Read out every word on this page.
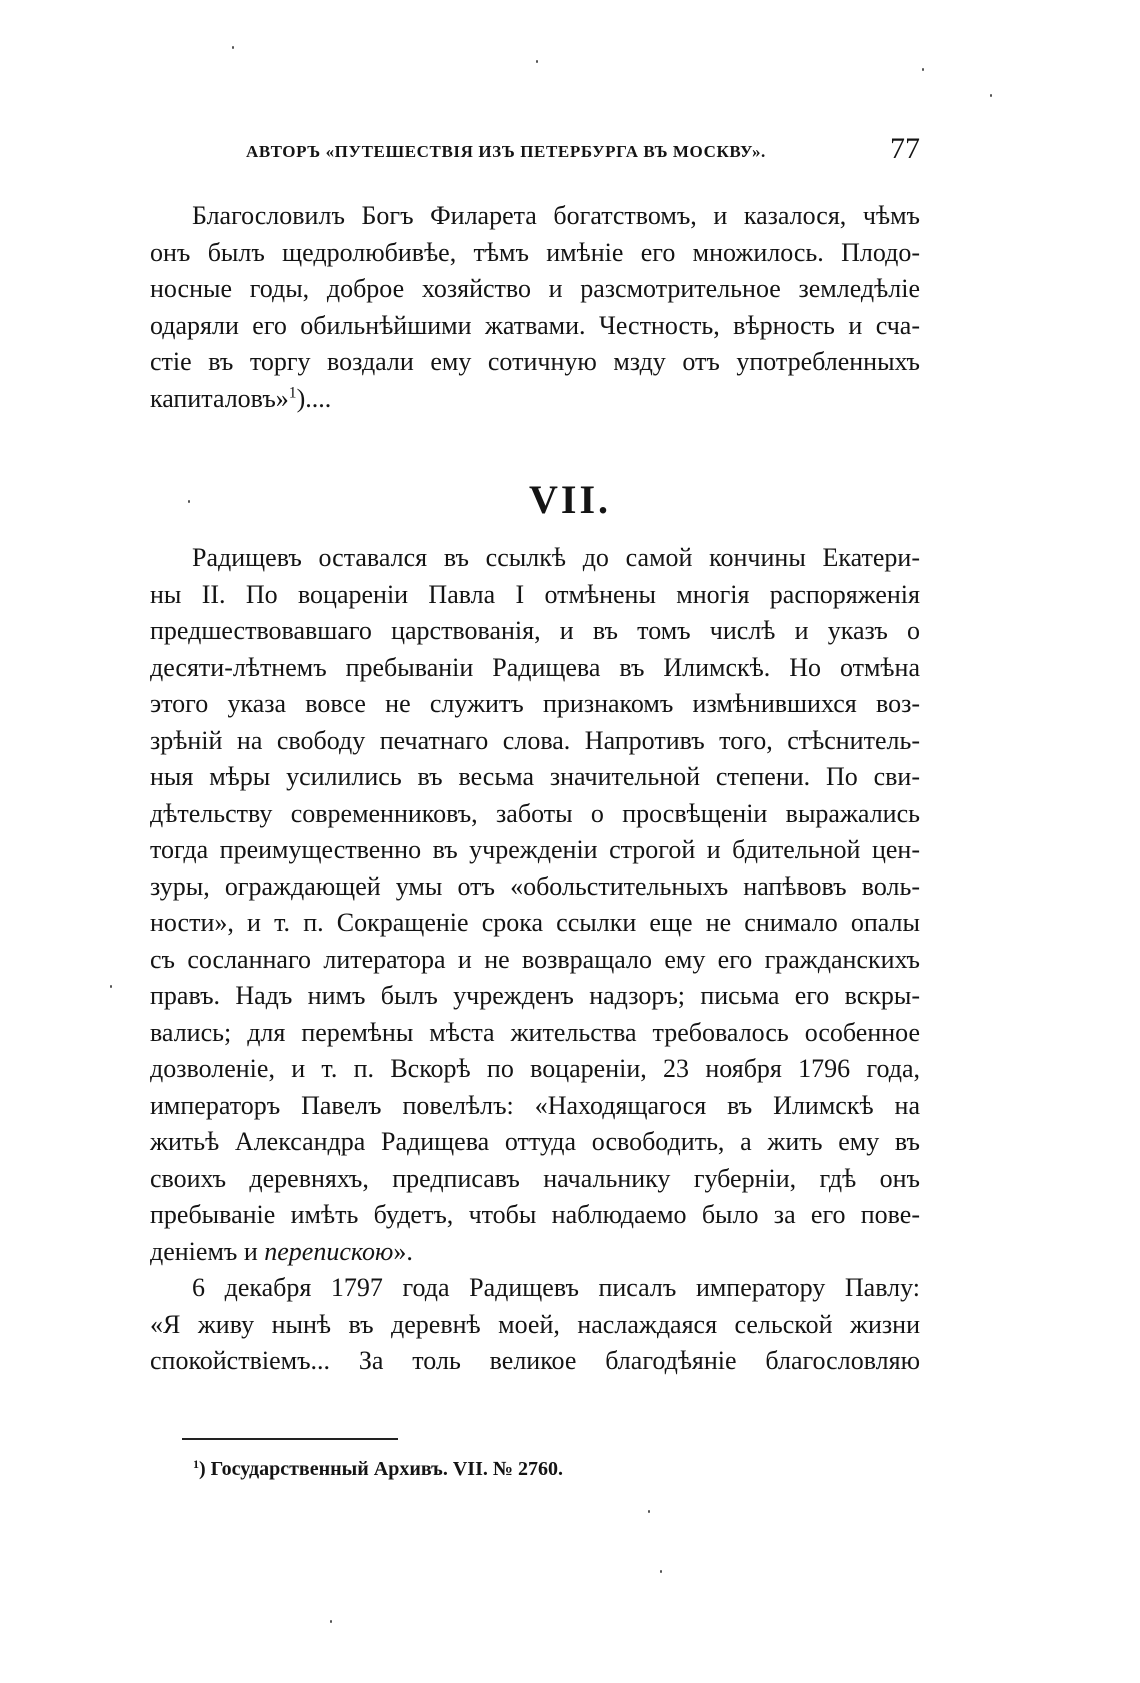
АВТОРЪ «ПУТЕШЕСТВІЯ ИЗЪ ПЕТЕРБУРГА ВЪ МОСКВУ».	77
Благословилъ Богъ Филарета богатствомъ, и казалося, чѣмъ
онъ былъ щедролюбивѣе, тѣмъ имѣніе его множилось. Плодо-
носные годы, доброе хозяйство и разсмотрительное земледѣліе
одаряли его обильнѣйшими жатвами. Честность, вѣрность и сча-
стіе въ торгу воздали ему сотичную мзду отъ употребленныхъ
капиталовъ»$^1$)....
VII.
Радищевъ оставался въ ссылкѣ до самой кончины Екатери-
ны II. По воцареніи Павла I отмѣнены многія распоряженія
предшествовавшаго царствованія, и въ томъ числѣ и указъ о
десяти-лѣтнемъ пребываніи Радищева въ Илимскѣ. Но отмѣна
этого указа вовсе не служитъ признакомъ измѣнившихся воз-
зрѣній на свободу печатнаго слова. Напротивъ того, стѣснитель-
ныя мѣры усилились въ весьма значительной степени. По сви-
дѣтельству современниковъ, заботы о просвѣщеніи выражались
тогда преимущественно въ учрежденіи строгой и бдительной цен-
зуры, ограждающей умы отъ «обольстительныхъ напѣвовъ воль-
ности», и т. п. Сокращеніе срока ссылки еще не снимало опалы
съ сосланнаго литератора и не возвращало ему его гражданскихъ
правъ. Надъ нимъ былъ учрежденъ надзоръ; письма его вскры-
вались; для перемѣны мѣста жительства требовалось особенное
дозволеніе, и т. п. Вскорѣ по воцареніи, 23 ноября 1796 года,
императоръ Павелъ повелѣлъ: «Находящагося въ Илимскѣ на
житьѣ Александра Радищева оттуда освободить, а жить ему въ
своихъ деревняхъ, предписавъ начальнику губерніи, гдѣ онъ
пребываніе имѣть будетъ, чтобы наблюдаемо было за его пове-
деніемъ и перепискою».
6 декабря 1797 года Радищевъ писалъ императору Павлу:
«Я живу нынѣ въ деревнѣ моей, наслаждаяся сельской жизни
спокойствіемъ... За толь великое благодѣяніе благословляю
$^1$) Государственный Архивъ. VII. № 2760.
